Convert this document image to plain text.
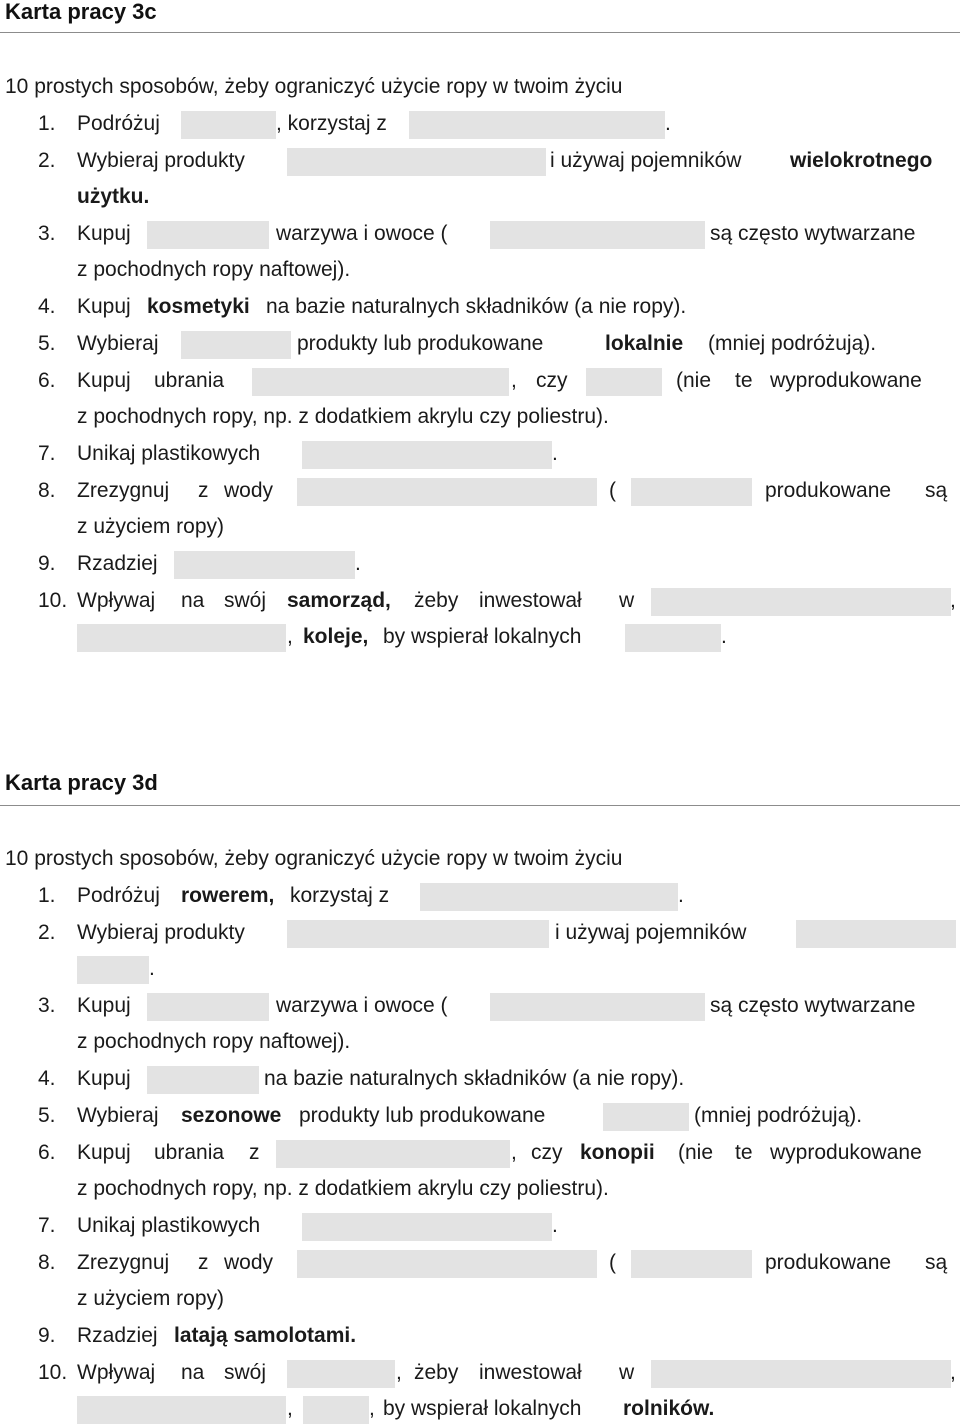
Karta pracy 3c
10 prostych sposobów, żeby ograniczyć użycie ropy w twoim życiu
1. Podróżuj	, korzystaj z	.
2. Wybieraj produkty	i używaj pojemników wielokrotnego
użytku.
3. Kupuj	warzywa i owoce (	są często wytwarzane
z pochodnych ropy naftowej).
4. Kupuj kosmetyki na bazie naturalnych składników (a nie ropy).
5. Wybieraj	produkty lub produkowane	lokalnie (mniej podróżują).
6. Kupuj ubrania	, czy	(nie te wyprodukowane
z pochodnych ropy, np. z dodatkiem akrylu czy poliestru).
7. Unikaj plastikowych	.
8. Zrezygnuj z wody	(	produkowane są
z użyciem ropy)
9. Rzadziej	.
10. Wpływaj na swój samorząd, żeby inwestował w	,
, koleje, by wspierał lokalnych	.
Karta pracy 3d
10 prostych sposobów, żeby ograniczyć użycie ropy w twoim życiu
1. Podróżuj rowerem, korzystaj z	.
2. Wybieraj produkty	i używaj pojemników
.
3. Kupuj	warzywa i owoce (	są często wytwarzane
z pochodnych ropy naftowej).
4. Kupuj	na bazie naturalnych składników (a nie ropy).
5. Wybieraj sezonowe produkty lub produkowane	(mniej podróżują).
6. Kupuj ubrania z	, czy konopii (nie te wyprodukowane
z pochodnych ropy, np. z dodatkiem akrylu czy poliestru).
7. Unikaj plastikowych	.
8. Zrezygnuj z wody	(	produkowane są
z użyciem ropy)
9. Rzadziej latają samolotami.
10. Wpływaj na swój	, żeby inwestował w	,
,	, by wspierał lokalnych rolników.
